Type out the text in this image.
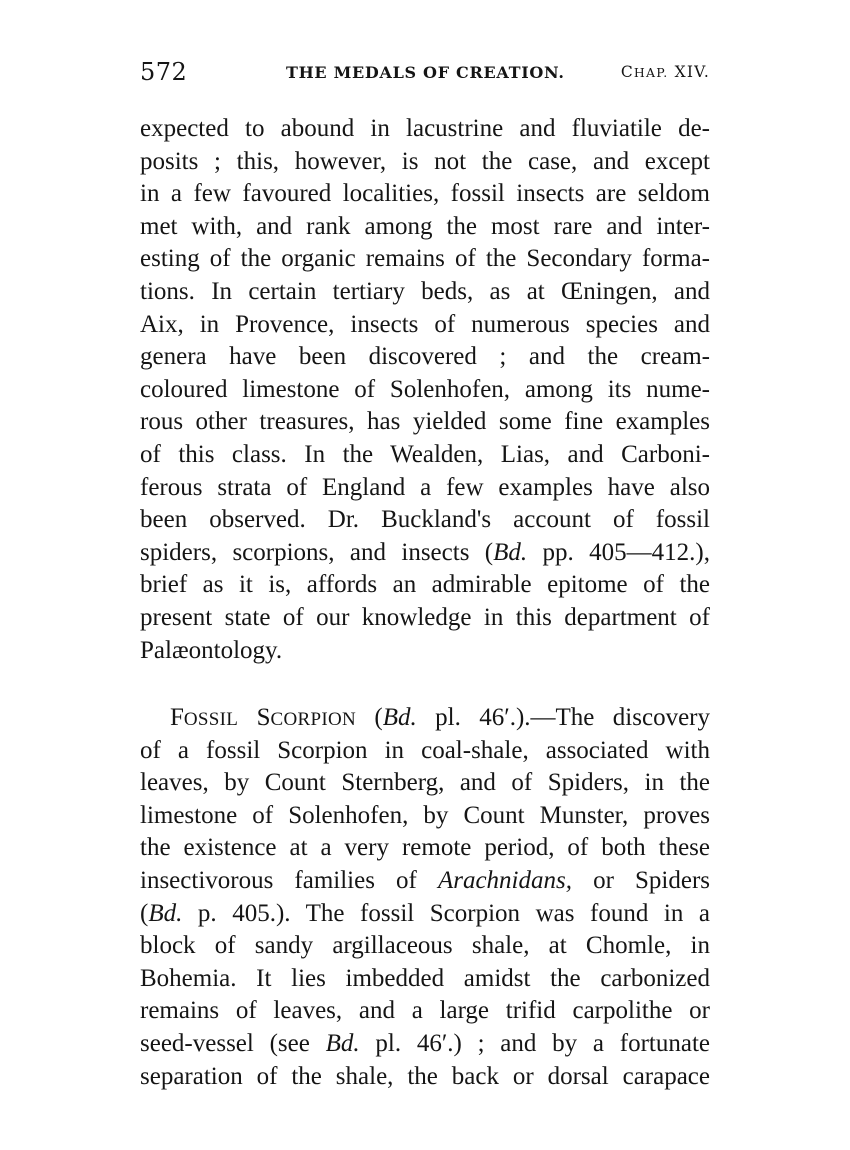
572	THE MEDALS OF CREATION.	CHAP. XIV.
expected to abound in lacustrine and fluviatile de-
posits ; this, however, is not the case, and except
in a few favoured localities, fossil insects are seldom
met with, and rank among the most rare and inter-
esting of the organic remains of the Secondary forma-
tions. In certain tertiary beds, as at Œningen, and
Aix, in Provence, insects of numerous species and
genera have been discovered ; and the cream-
coloured limestone of Solenhofen, among its nume-
rous other treasures, has yielded some fine examples
of this class. In the Wealden, Lias, and Carboni-
ferous strata of England a few examples have also
been observed. Dr. Buckland's account of fossil
spiders, scorpions, and insects (Bd. pp. 405—412.),
brief as it is, affords an admirable epitome of the
present state of our knowledge in this department of
Palæontology.
FOSSIL SCORPION (Bd. pl. 46′.).—The discovery
of a fossil Scorpion in coal-shale, associated with
leaves, by Count Sternberg, and of Spiders, in the
limestone of Solenhofen, by Count Munster, proves
the existence at a very remote period, of both these
insectivorous families of Arachnidans, or Spiders
(Bd. p. 405.). The fossil Scorpion was found in a
block of sandy argillaceous shale, at Chomle, in
Bohemia. It lies imbedded amidst the carbonized
remains of leaves, and a large trifid carpolithe or
seed-vessel (see Bd. pl. 46′.) ; and by a fortunate
separation of the shale, the back or dorsal carapace
